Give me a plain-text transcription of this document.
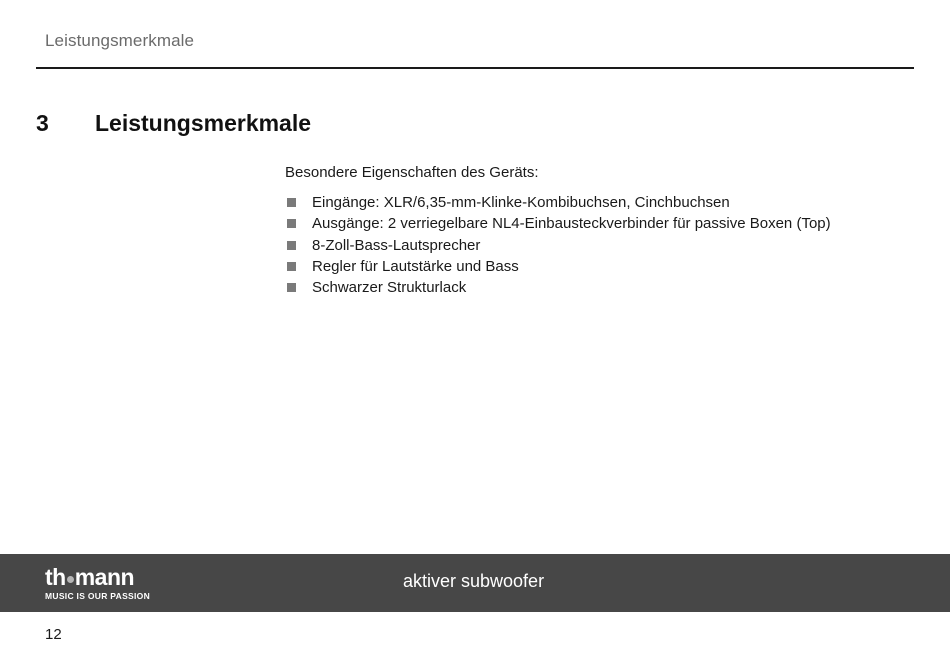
Leistungsmerkmale
3 Leistungsmerkmale
Besondere Eigenschaften des Geräts:
Eingänge: XLR/6,35-mm-Klinke-Kombibuchsen, Cinchbuchsen
Ausgänge: 2 verriegelbare NL4-Einbausteckverbinder für passive Boxen (Top)
8-Zoll-Bass-Lautsprecher
Regler für Lautstärke und Bass
Schwarzer Strukturlack
th mann
MUSIC IS OUR PASSION
aktiver subwoofer
12
